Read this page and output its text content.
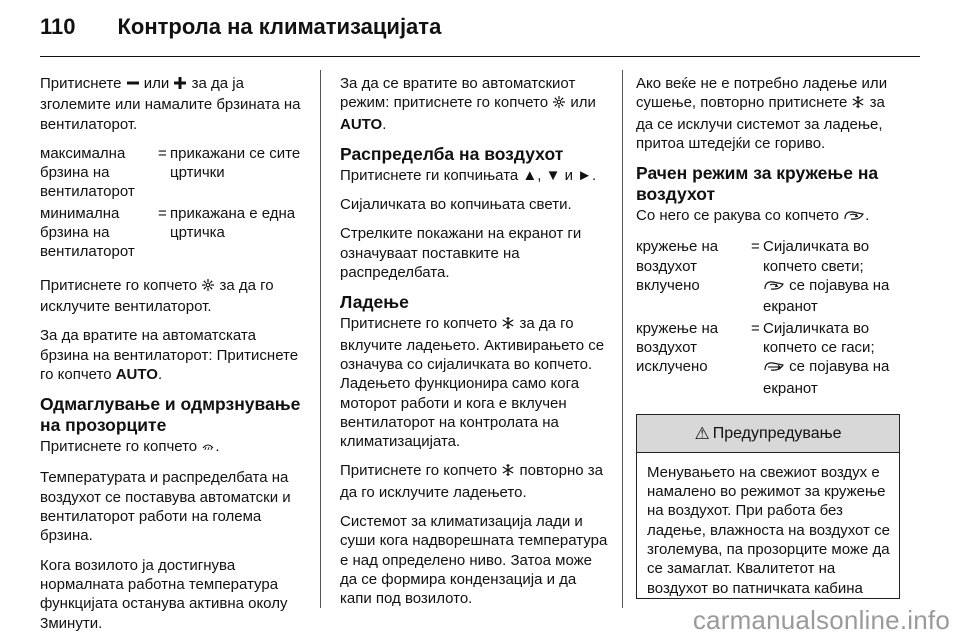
110 Контрола на климатизацијата

Притиснете  или  за да ја зголемите или намалите брзината на вентилаторот.

максимална брзина на вентилаторот
= прикажани се сите цртички
минимална брзина на вентилаторот
= прикажана е една цртичка

Притиснете го копчето  за да го исклучите вентилаторот.

За да вратите на автоматската брзина на вентилаторот: Притиснете го копчето AUTO.

Одмаглување и одмрзнување на прозорците

Притиснете го копчето .

Температурата и распределбата на воздухот се поставува автоматски и вентилаторот работи на голема брзина.

Кога возилото ја достигнува нормалната работна температура функцијата останува активна околу 3минути.

За да се вратите во автоматскиот режим: притиснете го копчето  или AUTO.

Распределба на воздухот

Притиснете ги копчињата ▲, ▼ и ►.

Сијаличката во копчињата свети.

Стрелките покажани на екранот ги означуваат поставките на распределбата.

Ладење

Притиснете го копчето  за да го вклучите ладењето. Активирањето се означува со сијаличката во копчето. Ладењето функционира само кога моторот работи и кога е вклучен вентилаторот на контролата на климатизацијата.

Притиснете го копчето  повторно за да го исклучите ладењето.

Системот за климатизација лади и суши кога надворешната температура е над определено ниво. Затоа може да се формира кондензација и да капи под возилото.

Ако веќе не е потребно ладење или сушење, повторно притиснете  за да се исклучи системот за ладење, притоа штедејќи се гориво.

Рачен режим за кружење на воздухот

Со него се ракува со копчето .

кружење на воздухот вклучено
= Сијаличката во копчето свети;
се појавува на екранот
кружење на воздухот исклучено
= Сијаличката во копчето се гаси;
се појавува на екранот
⚠ Предупредување

Менувањето на свежиот воздух е намалено во режимот за кружење на воздухот. При работа без ладење, влажноста на воздухот се зголемува, па прозорците може да се замаглат. Квалитетот на воздухот во патничката кабина

carmanualsonline.info
